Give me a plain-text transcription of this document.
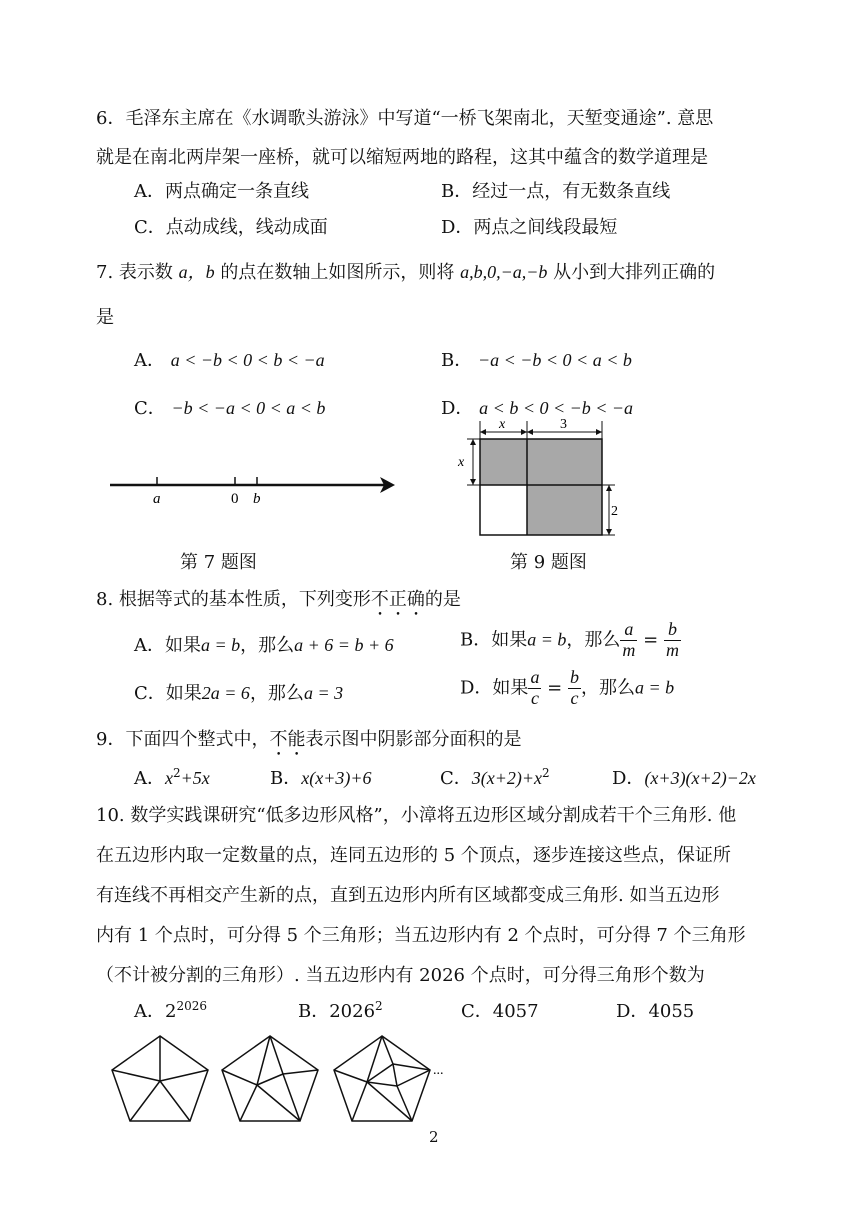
6．毛泽东主席在《水调歌头游泳》中写道“一桥飞架南北，天堑变通途”. 意思
就是在南北两岸架一座桥，就可以缩短两地的路程，这其中蕴含的数学道理是
A．两点确定一条直线	B．经过一点，有无数条直线
C．点动成线，线动成面	D．两点之间线段最短
7. 表示数 a，b 的点在数轴上如图所示，则将 a,b,0,−a,−b 从小到大排列正确的
是
A． a < −b < 0 < b < −a	B． −a < −b < 0 < a < b
C． −b < −a < 0 < a < b	D． a < b < 0 < −b < −a
a	0 b
第 7 题图
x	3
x
2
第 9 题图
8. 根据等式的基本性质，下列变形不正确的是
A．如果a = b，那么a + 6 = b + 6	B．如果a = b，那么 $\frac{a}{m} = \frac{b}{m}$
C．如果2a = 6，那么a = 3	D．如果 $\frac{a}{c} = \frac{b}{c}$ ，那么a = b
9．下面四个整式中，不能表示图中阴影部分面积的是
A．$x^2+5x$	B．x(x+3)+6	C．$3(x+2)+x^2$	D．(x+3)(x+2)−2x
10. 数学实践课研究“低多边形风格”，小漳将五边形区域分割成若干个三角形. 他
在五边形内取一定数量的点，连同五边形的 5 个顶点，逐步连接这些点，保证所
有连线不再相交产生新的点，直到五边形内所有区域都变成三角形. 如当五边形
内有 1 个点时，可分得 5 个三角形；当五边形内有 2 个点时，可分得 7 个三角形
（不计被分割的三角形）. 当五边形内有 2026 个点时，可分得三角形个数为
A．$2^{2026}$	B．2026$^2$	C．4057	D．4055
...
2
